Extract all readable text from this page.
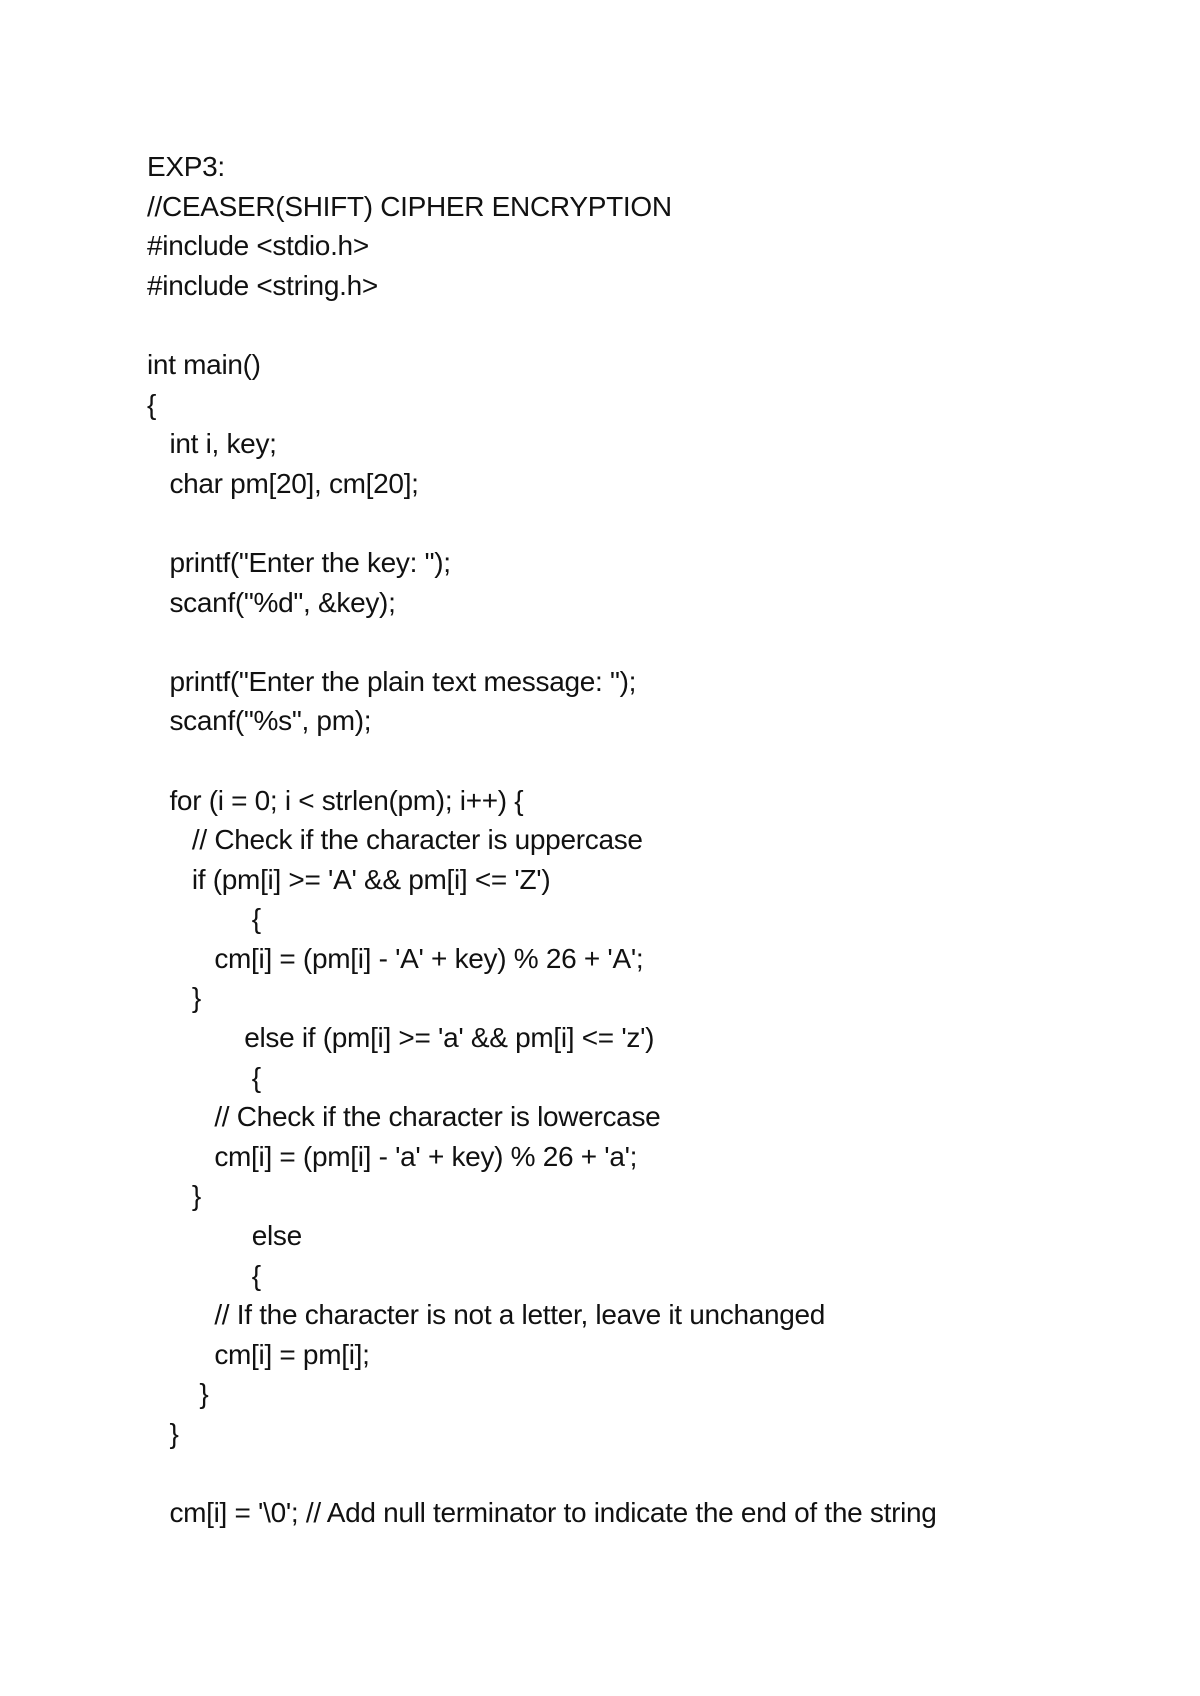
EXP3:
//CEASER(SHIFT) CIPHER ENCRYPTION
#include <stdio.h>
#include <string.h>
int main()
{
int i, key;
char pm[20], cm[20];
printf("Enter the key: ");
scanf("%d", &key);
printf("Enter the plain text message: ");
scanf("%s", pm);
for (i = 0; i < strlen(pm); i++) {
// Check if the character is uppercase
if (pm[i] >= 'A' && pm[i] <= 'Z')
{
cm[i] = (pm[i] - 'A' + key) % 26 + 'A';
}
else if (pm[i] >= 'a' && pm[i] <= 'z')
{
// Check if the character is lowercase
cm[i] = (pm[i] - 'a' + key) % 26 + 'a';
}
else
{
// If the character is not a letter, leave it unchanged
cm[i] = pm[i];
}
}
cm[i] = '\0'; // Add null terminator to indicate the end of the string
